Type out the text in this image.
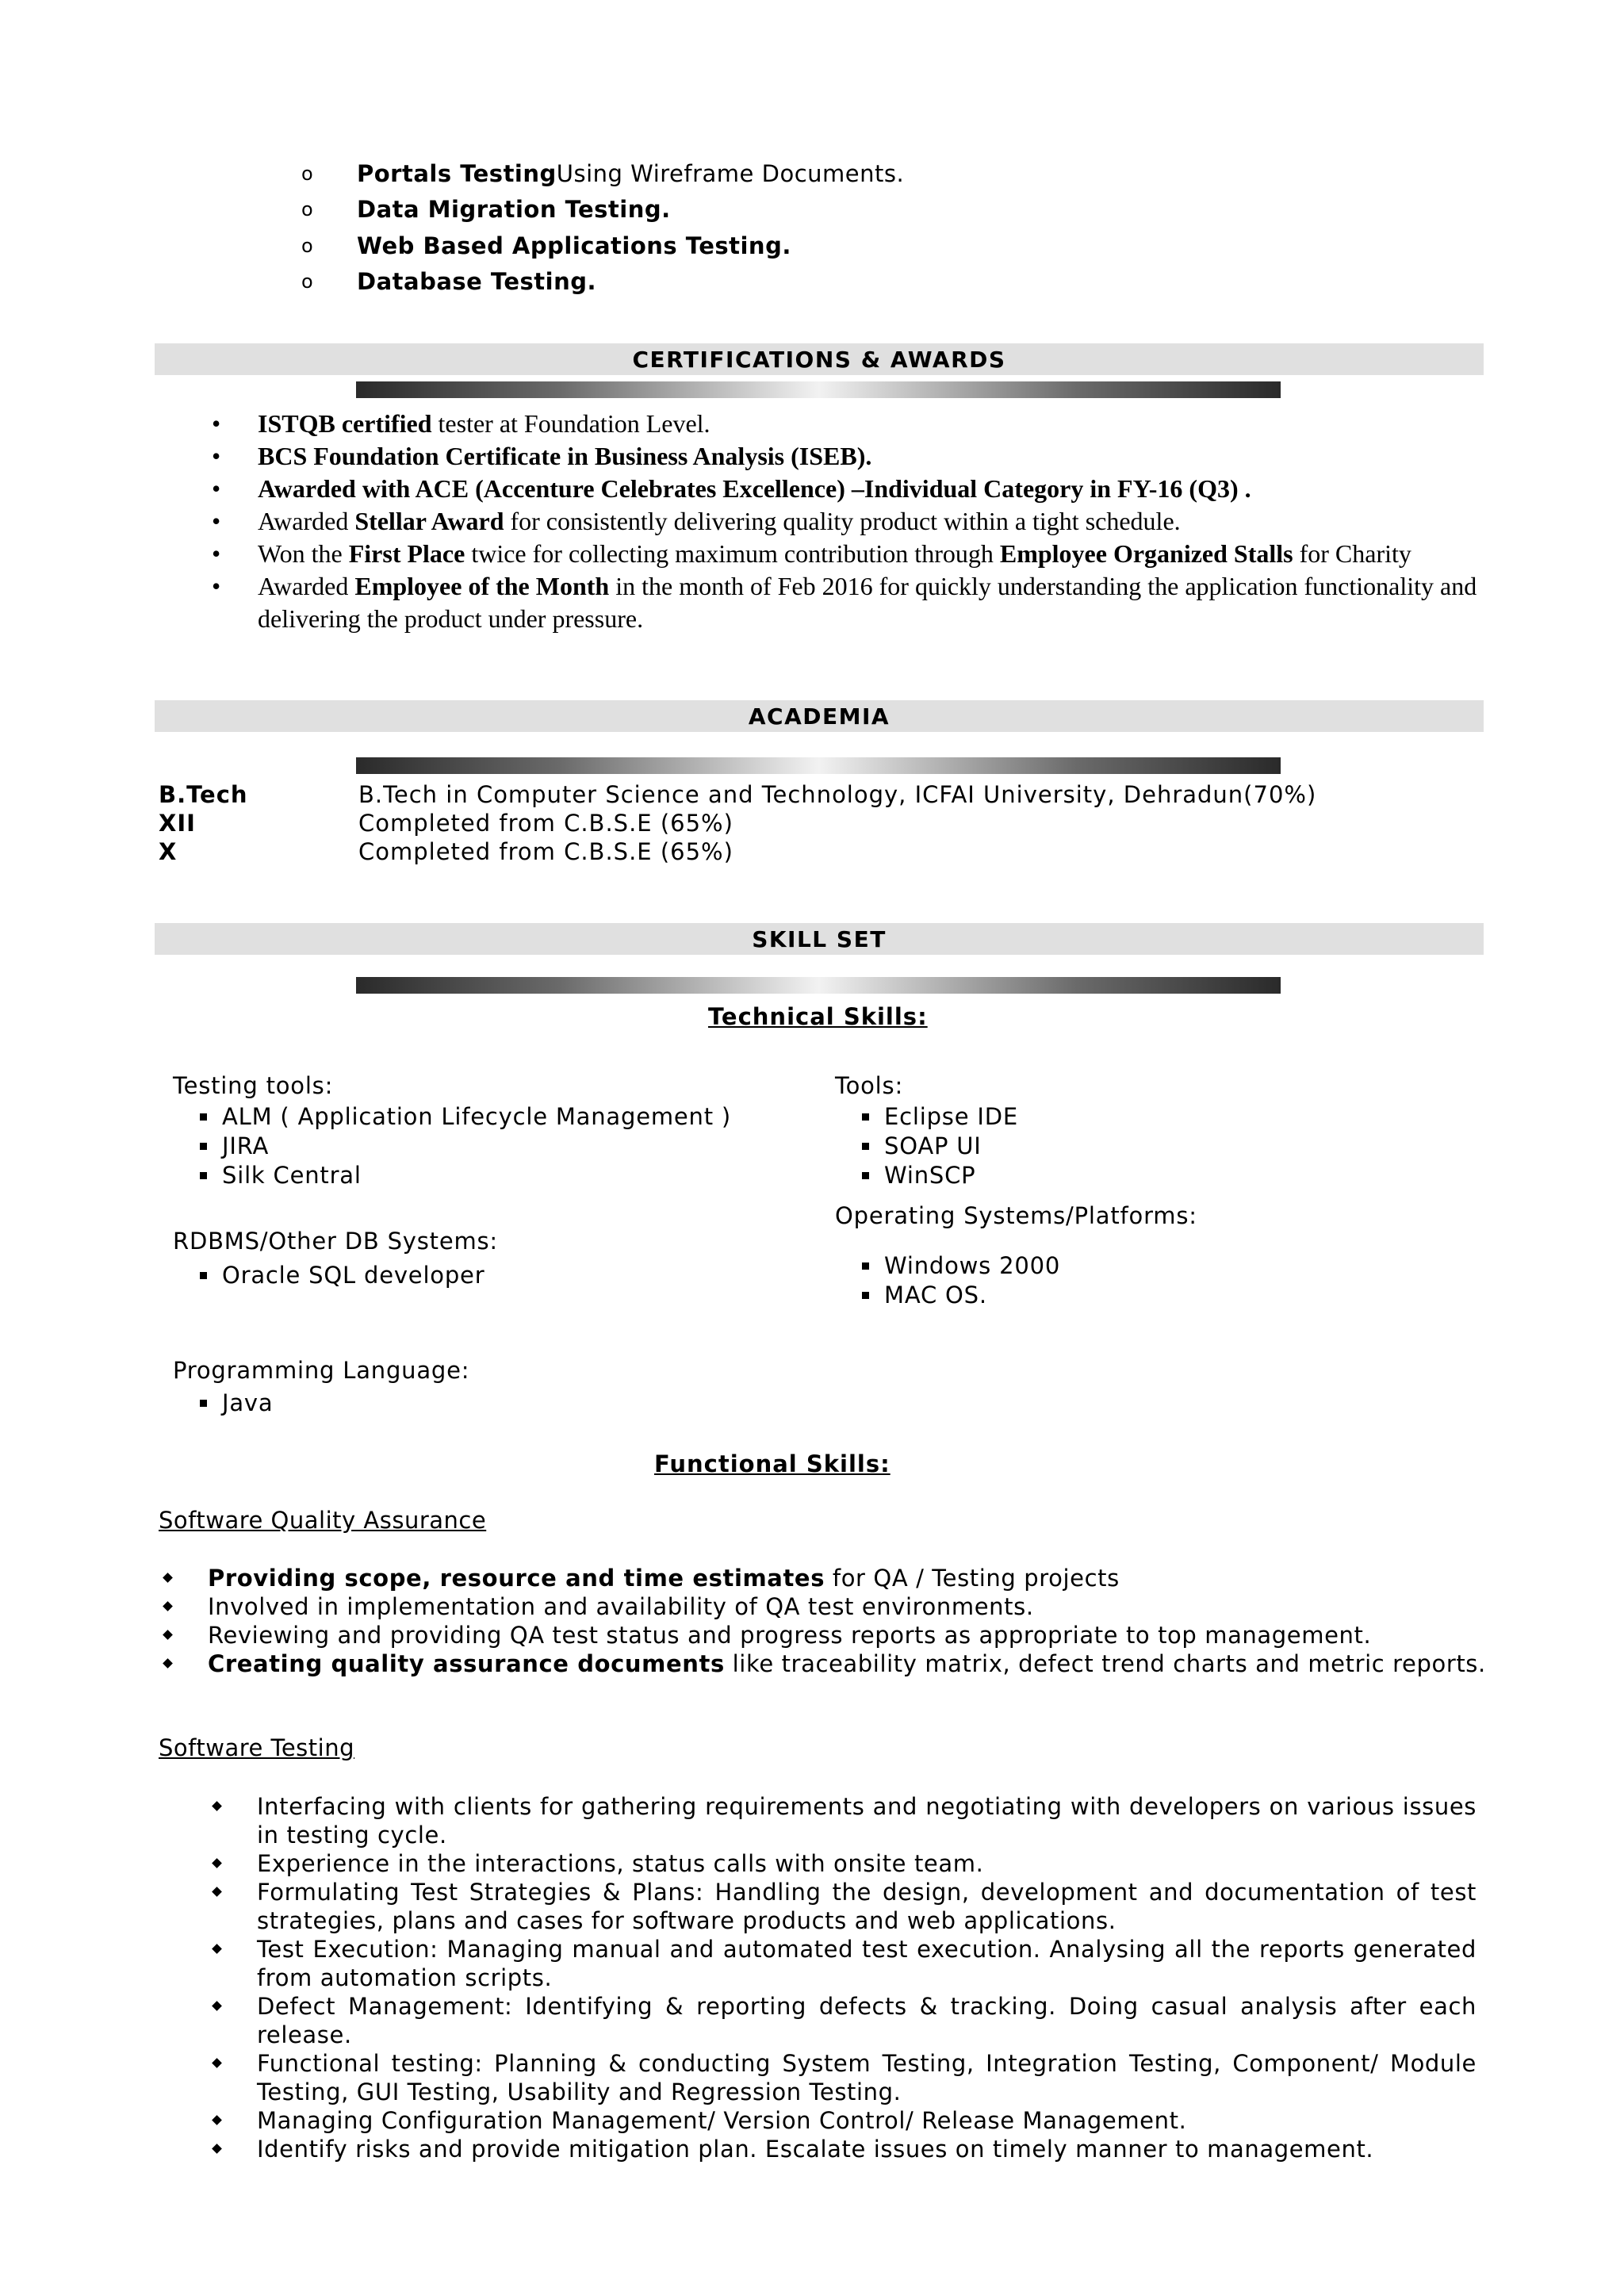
o	Portals Testing Using Wireframe Documents.
o	Data Migration Testing.
o	Web Based Applications Testing.
o	Database Testing.
CERTIFICATIONS & AWARDS
• ISTQB certified tester at Foundation Level.
• BCS Foundation Certificate in Business Analysis (ISEB).
• Awarded with ACE (Accenture Celebrates Excellence) –Individual Category in FY-16 (Q3) .
• Awarded Stellar Award for consistently delivering quality product within a tight schedule.
• Won the First Place twice for collecting maximum contribution through Employee Organized Stalls for Charity
• Awarded Employee of the Month in the month of Feb 2016 for quickly understanding the application functionality and delivering the product under pressure.
ACADEMIA
B.Tech	B.Tech in Computer Science and Technology, ICFAI University, Dehradun(70%)
XII	Completed from C.B.S.E (65%)
X	Completed from C.B.S.E (65%)
SKILL SET
Technical Skills:
Testing tools:
ALM ( Application Lifecycle Management )
JIRA
Silk Central
RDBMS/Other DB Systems:
Oracle SQL developer
Programming Language:
Java
Tools:
Eclipse IDE
SOAP UI
WinSCP
Operating Systems/Platforms:
Windows 2000
MAC OS.
Functional Skills:
Software Quality Assurance
Providing scope, resource and time estimates for QA / Testing projects
Involved in implementation and availability of QA test environments.
Reviewing and providing QA test status and progress reports as appropriate to top management.
Creating quality assurance documents like traceability matrix, defect trend charts and metric reports.
Software Testing
Interfacing with clients for gathering requirements and negotiating with developers on various issues in testing cycle.
Experience in the interactions, status calls with onsite team.
Formulating Test Strategies & Plans: Handling the design, development and documentation of test strategies, plans and cases for software products and web applications.
Test Execution: Managing manual and automated test execution. Analysing all the reports generated from automation scripts.
Defect Management: Identifying & reporting defects & tracking. Doing casual analysis after each release.
Functional testing: Planning & conducting System Testing, Integration Testing, Component/ Module Testing, GUI Testing, Usability and Regression Testing.
Managing Configuration Management/ Version Control/ Release Management.
Identify risks and provide mitigation plan. Escalate issues on timely manner to management.
